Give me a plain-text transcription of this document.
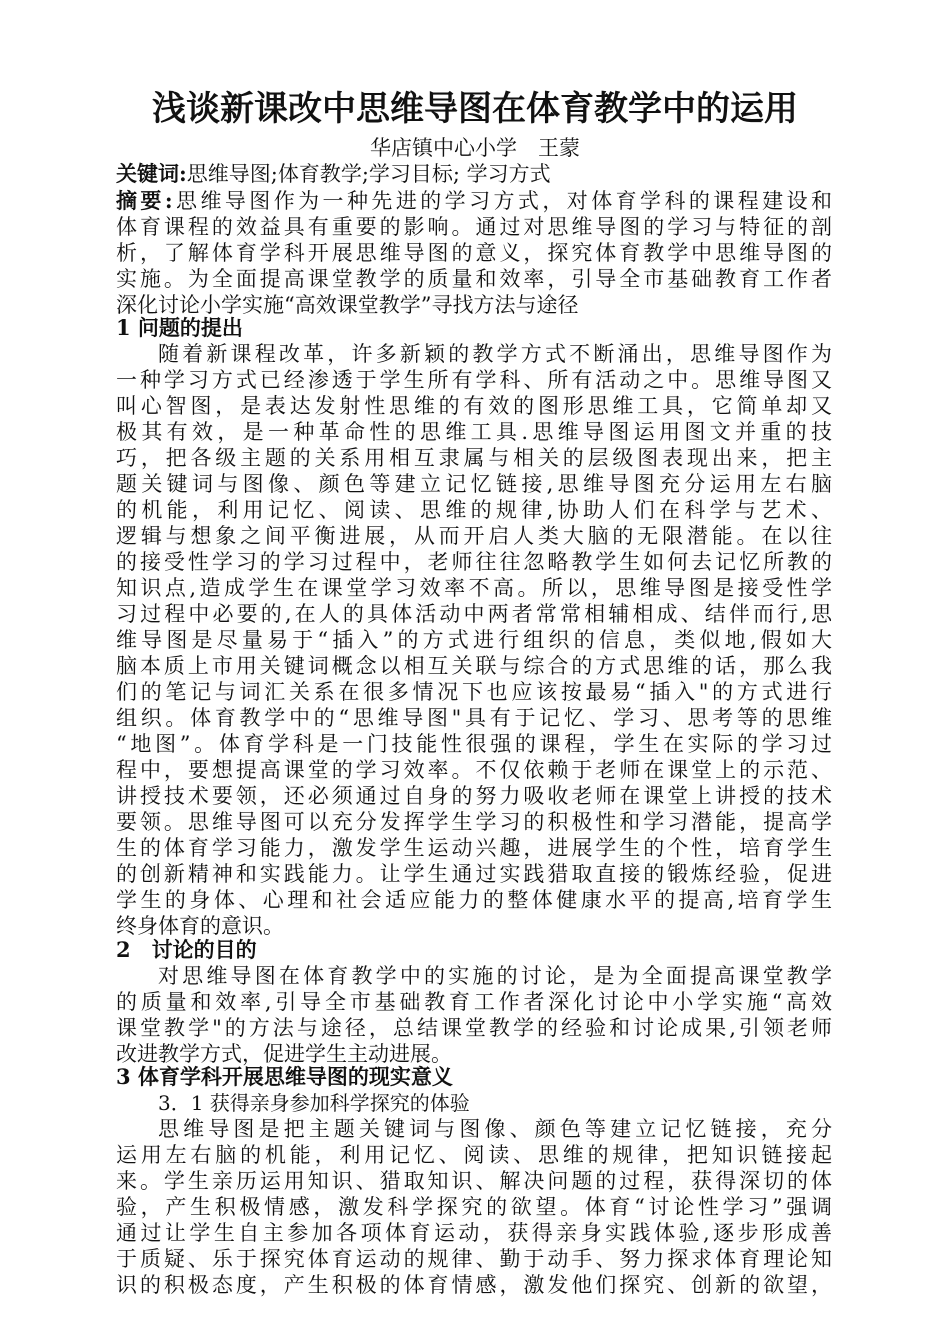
浅谈新课改中思维导图在体育教学中的运用
华店镇中心小学　王蒙
关键词:思维导图;体育教学;学习目标; 学习方式
摘要:思维导图作为一种先进的学习方式，对体育学科的课程建设和
体育课程的效益具有重要的影响。通过对思维导图的学习与特征的剖
析，了解体育学科开展思维导图的意义，探究体育教学中思维导图的
实施。为全面提高课堂教学的质量和效率，引导全市基础教育工作者
深化讨论小学实施“高效课堂教学”寻找方法与途径
1 问题的提出
随着新课程改革，许多新颖的教学方式不断涌出，思维导图作为
一种学习方式已经渗透于学生所有学科、所有活动之中。思维导图又
叫心智图，是表达发射性思维的有效的图形思维工具，它简单却又
极其有效，是一种革命性的思维工具.思维导图运用图文并重的技
巧，把各级主题的关系用相互隶属与相关的层级图表现出来，把主
题关键词与图像、颜色等建立记忆链接,思维导图充分运用左右脑
的机能，利用记忆、阅读、思维的规律,协助人们在科学与艺术、
逻辑与想象之间平衡进展，从而开启人类大脑的无限潜能。在以往
的接受性学习的学习过程中，老师往往忽略教学生如何去记忆所教的
知识点,造成学生在课堂学习效率不高。所以，思维导图是接受性学
习过程中必要的,在人的具体活动中两者常常相辅相成、结伴而行,思
维导图是尽量易于“插入”的方式进行组织的信息，类似地,假如大
脑本质上市用关键词概念以相互关联与综合的方式思维的话，那么我
们的笔记与词汇关系在很多情况下也应该按最易“插入"的方式进行
组织。体育教学中的“思维导图"具有于记忆、学习、思考等的思维
“地图”。体育学科是一门技能性很强的课程，学生在实际的学习过
程中，要想提高课堂的学习效率。不仅依赖于老师在课堂上的示范、
讲授技术要领，还必须通过自身的努力吸收老师在课堂上讲授的技术
要领。思维导图可以充分发挥学生学习的积极性和学习潜能，提高学
生的体育学习能力，激发学生运动兴趣，进展学生的个性，培育学生
的创新精神和实践能力。让学生通过实践猎取直接的锻炼经验，促进
学生的身体、心理和社会适应能力的整体健康水平的提高,培育学生
终身体育的意识。
2　讨论的目的
对思维导图在体育教学中的实施的讨论，是为全面提高课堂教学
的质量和效率,引导全市基础教育工作者深化讨论中小学实施“高效
课堂教学"的方法与途径，总结课堂教学的经验和讨论成果,引领老师
改进教学方式，促进学生主动进展。
3 体育学科开展思维导图的现实意义
3．1 获得亲身参加科学探究的体验
思维导图是把主题关键词与图像、颜色等建立记忆链接，充分
运用左右脑的机能，利用记忆、阅读、思维的规律，把知识链接起
来。学生亲历运用知识、猎取知识、解决问题的过程，获得深切的体
验，产生积极情感，激发科学探究的欲望。体育“讨论性学习”强调
通过让学生自主参加各项体育运动，获得亲身实践体验,逐步形成善
于质疑、乐于探究体育运动的规律、勤于动手、努力探求体育理论知
识的积极态度，产生积极的体育情感，激发他们探究、创新的欲望，
